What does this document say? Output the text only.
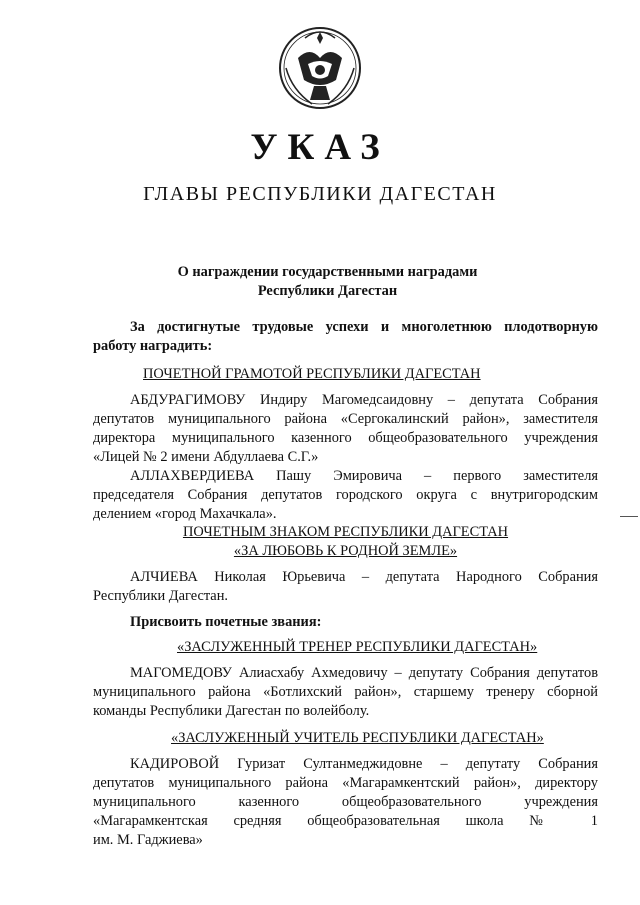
УКАЗ
ГЛАВЫ РЕСПУБЛИКИ ДАГЕСТАН
О награждении государственными наградами
Республики Дагестан
За достигнутые трудовые успехи и многолетнюю плодотворную
работу наградить:
ПОЧЕТНОЙ ГРАМОТОЙ РЕСПУБЛИКИ ДАГЕСТАН
АБДУРАГИМОВУ Индиру Магомедсаидовну – депутата Собрания
депутатов муниципального района «Сергокалинский район», заместителя
директора муниципального казенного общеобразовательного учреждения
«Лицей № 2 имени Абдуллаева С.Г.»
АЛЛАХВЕРДИЕВА Пашу Эмировича – первого заместителя
председателя Собрания депутатов городского округа с внутригородским
делением «город Махачкала».
ПОЧЕТНЫМ ЗНАКОМ РЕСПУБЛИКИ ДАГЕСТАН
«ЗА ЛЮБОВЬ К РОДНОЙ ЗЕМЛЕ»
АЛЧИЕВА Николая Юрьевича – депутата Народного Собрания
Республики Дагестан.
Присвоить почетные звания:
«ЗАСЛУЖЕННЫЙ ТРЕНЕР РЕСПУБЛИКИ ДАГЕСТАН»
МАГОМЕДОВУ Алиасхабу Ахмедовичу – депутату Собрания депутатов
муниципального района «Ботлихский район», старшему тренеру сборной
команды Республики Дагестан по волейболу.
«ЗАСЛУЖЕННЫЙ УЧИТЕЛЬ РЕСПУБЛИКИ ДАГЕСТАН»
КАДИРОВОЙ Гуризат Султанмеджидовне – депутату Собрания
депутатов муниципального района «Магарамкентский район», директору
муниципального казенного общеобразовательного учреждения
«Магарамкентская средняя общеобразовательная школа № 1
им. М. Гаджиева»
